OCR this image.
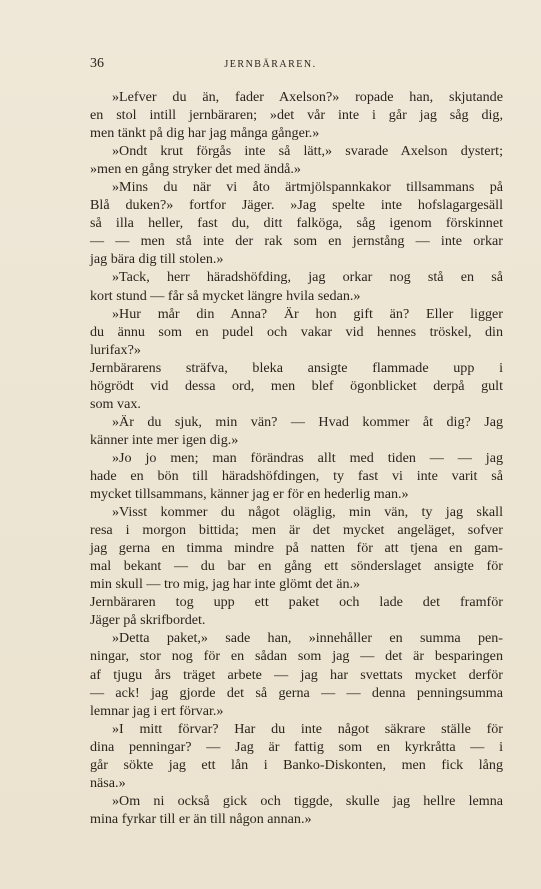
36	JERNBÄRAREN.

»Lefver du än, fader Axelson?» ropade han, skjutande
en stol intill jernbäraren; »det vår inte i går jag såg dig,
men tänkt på dig har jag många gånger.»

»Ondt krut förgås inte så lätt,» svarade Axelson dystert;
»men en gång stryker det med ändå.»

»Mins du när vi åto ärtmjölspannkakor tillsammans på
Blå duken?» fortfor Jäger. »Jag spelte inte hofslagargesäll
så illa heller, fast du, ditt falköga, såg igenom förskinnet
— — men stå inte der rak som en jernstång — inte orkar
jag bära dig till stolen.»

»Tack, herr häradshöfding, jag orkar nog stå en så
kort stund — får så mycket längre hvila sedan.»

»Hur mår din Anna? Är hon gift än? Eller ligger
du ännu som en pudel och vakar vid hennes tröskel, din
lurifax?»

Jernbärarens sträfva, bleka ansigte flammade upp i
högrödt vid dessa ord, men blef ögonblicket derpå gult
som vax.

»Är du sjuk, min vän? — Hvad kommer åt dig? Jag
känner inte mer igen dig.»

»Jo jo men; man förändras allt med tiden — — jag
hade en bön till häradshöfdingen, ty fast vi inte varit så
mycket tillsammans, känner jag er för en hederlig man.»

»Visst kommer du något oläglig, min vän, ty jag skall
resa i morgon bittida; men är det mycket angeläget, sofver
jag gerna en timma mindre på natten för att tjena en gam-
mal bekant — du bar en gång ett sönderslaget ansigte för
min skull — tro mig, jag har inte glömt det än.»

Jernbäraren tog upp ett paket och lade det framför
Jäger på skrifbordet.

»Detta paket,» sade han, »innehåller en summa pen-
ningar, stor nog för en sådan som jag — det är besparingen
af tjugu års träget arbete — jag har svettats mycket derför
— ack! jag gjorde det så gerna — — denna penningsumma
lemnar jag i ert förvar.»

»I mitt förvar? Har du inte något säkrare ställe för
dina penningar? — Jag är fattig som en kyrkråtta — i
går sökte jag ett lån i Banko-Diskonten, men fick lång
näsa.»

»Om ni också gick och tiggde, skulle jag hellre lemna
mina fyrkar till er än till någon annan.»
